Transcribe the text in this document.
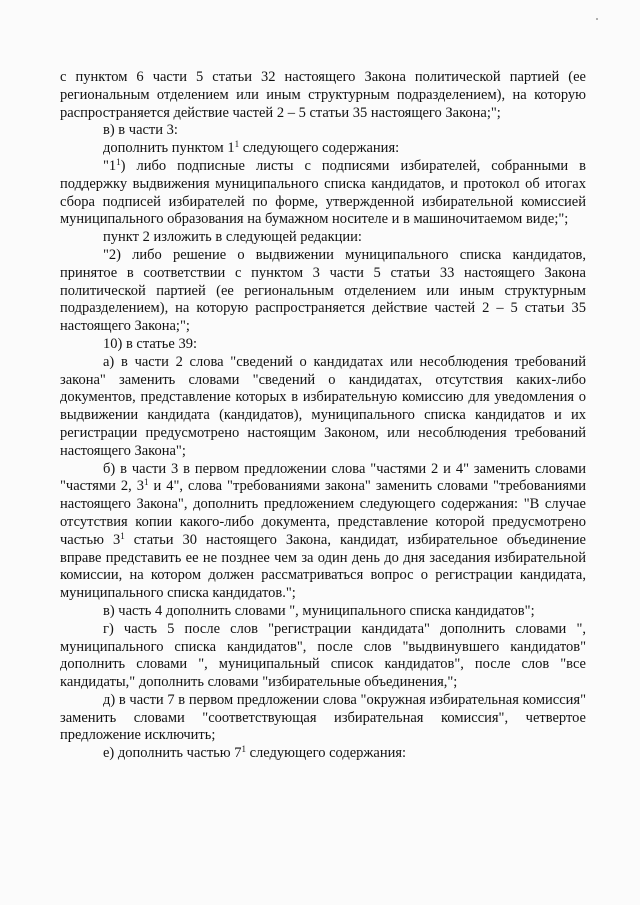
с пунктом 6 части 5 статьи 32 настоящего Закона политической партией (ее региональным отделением или иным структурным подразделением), на которую распространяется действие частей 2 – 5 статьи 35 настоящего Закона;";

в) в части 3:

дополнить пунктом $1^1$ следующего содержания:

"$1^1$) либо подписные листы с подписями избирателей, собранными в поддержку выдвижения муниципального списка кандидатов, и протокол об итогах сбора подписей избирателей по форме, утвержденной избирательной комиссией муниципального образования на бумажном носителе и в машиночитаемом виде;";

пункт 2 изложить в следующей редакции:

"2) либо решение о выдвижении муниципального списка кандидатов, принятое в соответствии с пунктом 3 части 5 статьи 33 настоящего Закона политической партией (ее региональным отделением или иным структурным подразделением), на которую распространяется действие частей 2 – 5 статьи 35 настоящего Закона;";

10) в статье 39:

а) в части 2 слова "сведений о кандидатах или несоблюдения требований закона" заменить словами "сведений о кандидатах, отсутствия каких-либо документов, представление которых в избирательную комиссию для уведомления о выдвижении кандидата (кандидатов), муниципального списка кандидатов и их регистрации предусмотрено настоящим Законом, или несоблюдения требований настоящего Закона";

б) в части 3 в первом предложении слова "частями 2 и 4" заменить словами "частями 2, $3^1$ и 4", слова "требованиями закона" заменить словами "требованиями настоящего Закона", дополнить предложением следующего содержания: "В случае отсутствия копии какого-либо документа, представление которой предусмотрено частью $3^1$ статьи 30 настоящего Закона, кандидат, избирательное объединение вправе представить ее не позднее чем за один день до дня заседания избирательной комиссии, на котором должен рассматриваться вопрос о регистрации кандидата, муниципального списка кандидатов.";

в) часть 4 дополнить словами ", муниципального списка кандидатов";

г) часть 5 после слов "регистрации кандидата" дополнить словами ", муниципального списка кандидатов", после слов "выдвинувшего кандидатов" дополнить словами ", муниципальный список кандидатов", после слов "все кандидаты," дополнить словами "избирательные объединения,";

д) в части 7 в первом предложении слова "окружная избирательная комиссия" заменить словами "соответствующая избирательная комиссия", четвертое предложение исключить;

е) дополнить частью $7^1$ следующего содержания:
